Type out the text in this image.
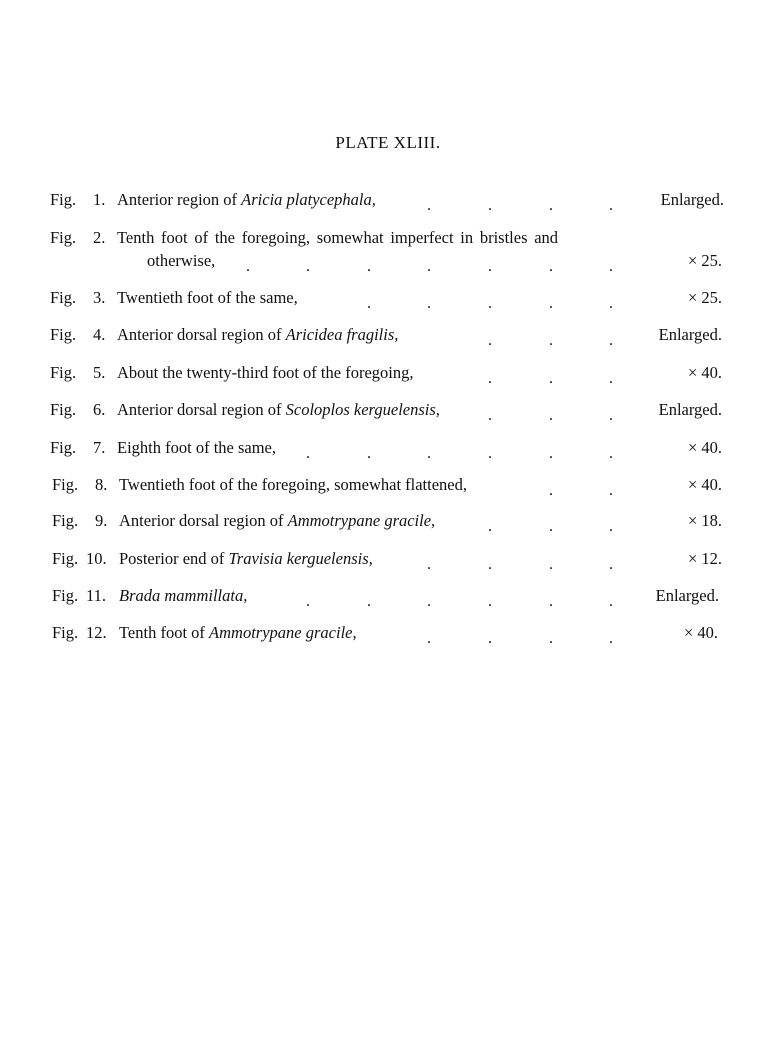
PLATE XLIII.
Fig. 1. Anterior region of Aricia platycephala,	.	.	.	.	Enlarged.
Fig. 2. Tenth foot of the foregoing, somewhat imperfect in bristles and
otherwise, .	.	.	.	.	.	.	× 25.
Fig. 3. Twentieth foot of the same,	.	.	.	.	.	× 25.
Fig. 4. Anterior dorsal region of Aricidea fragilis,	.	.	.	Enlarged.
Fig. 5. About the twenty-third foot of the foregoing,	.	.	.	× 40.
Fig. 6. Anterior dorsal region of Scoloplos kerguelensis,	.	.	.	Enlarged.
Fig. 7. Eighth foot of the same, .	.	.	.	.	.	× 40.
Fig. 8. Twentieth foot of the foregoing, somewhat flattened,	.	.	× 40.
Fig. 9. Anterior dorsal region of Ammotrypane gracile,	.	.	.	× 18.
Fig. 10. Posterior end of Travisia kerguelensis,	.	.	.	.	× 12.
Fig. 11. Brada mammillata,	.	.	.	.	.	.	Enlarged.
Fig. 12. Tenth foot of Ammotrypane gracile,	.	.	.	.	× 40.
